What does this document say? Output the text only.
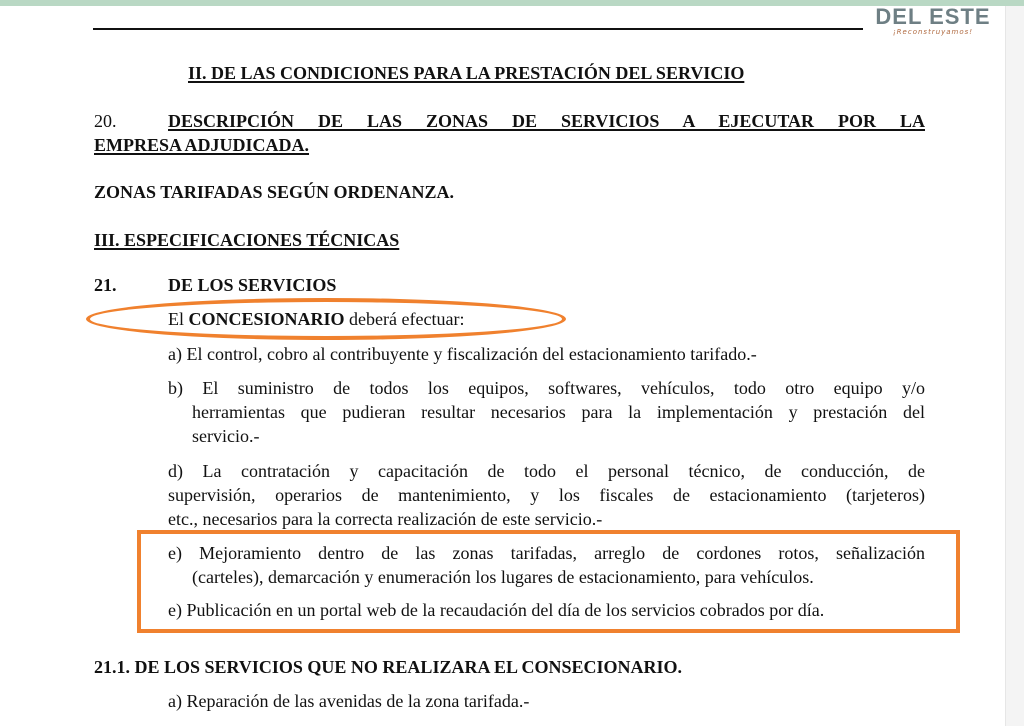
DEL ESTE
¡Reconstruyamos!
II. DE LAS CONDICIONES PARA LA PRESTACIÓN DEL SERVICIO
20.	DESCRIPCIÓN DE LAS ZONAS DE SERVICIOS A EJECUTAR POR LA
EMPRESA ADJUDICADA.
ZONAS TARIFADAS SEGÚN ORDENANZA.
III. ESPECIFICACIONES TÉCNICAS
21.	DE LOS SERVICIOS
El CONCESIONARIO deberá efectuar:
a) El control, cobro al contribuyente y fiscalización del estacionamiento tarifado.-
b) El suministro de todos los equipos, softwares, vehículos, todo otro equipo y/o
herramientas que pudieran resultar necesarios para la implementación y prestación del
servicio.-
d) La contratación y capacitación de todo el personal técnico, de conducción, de
supervisión, operarios de mantenimiento, y los fiscales de estacionamiento (tarjeteros)
etc., necesarios para la correcta realización de este servicio.-
e) Mejoramiento dentro de las zonas tarifadas, arreglo de cordones rotos, señalización
(carteles), demarcación y enumeración los lugares de estacionamiento, para vehículos.
e) Publicación en un portal web de la recaudación del día de los servicios cobrados por día.
21.1. DE LOS SERVICIOS QUE NO REALIZARA EL CONSECIONARIO.
a) Reparación de las avenidas de la zona tarifada.-
